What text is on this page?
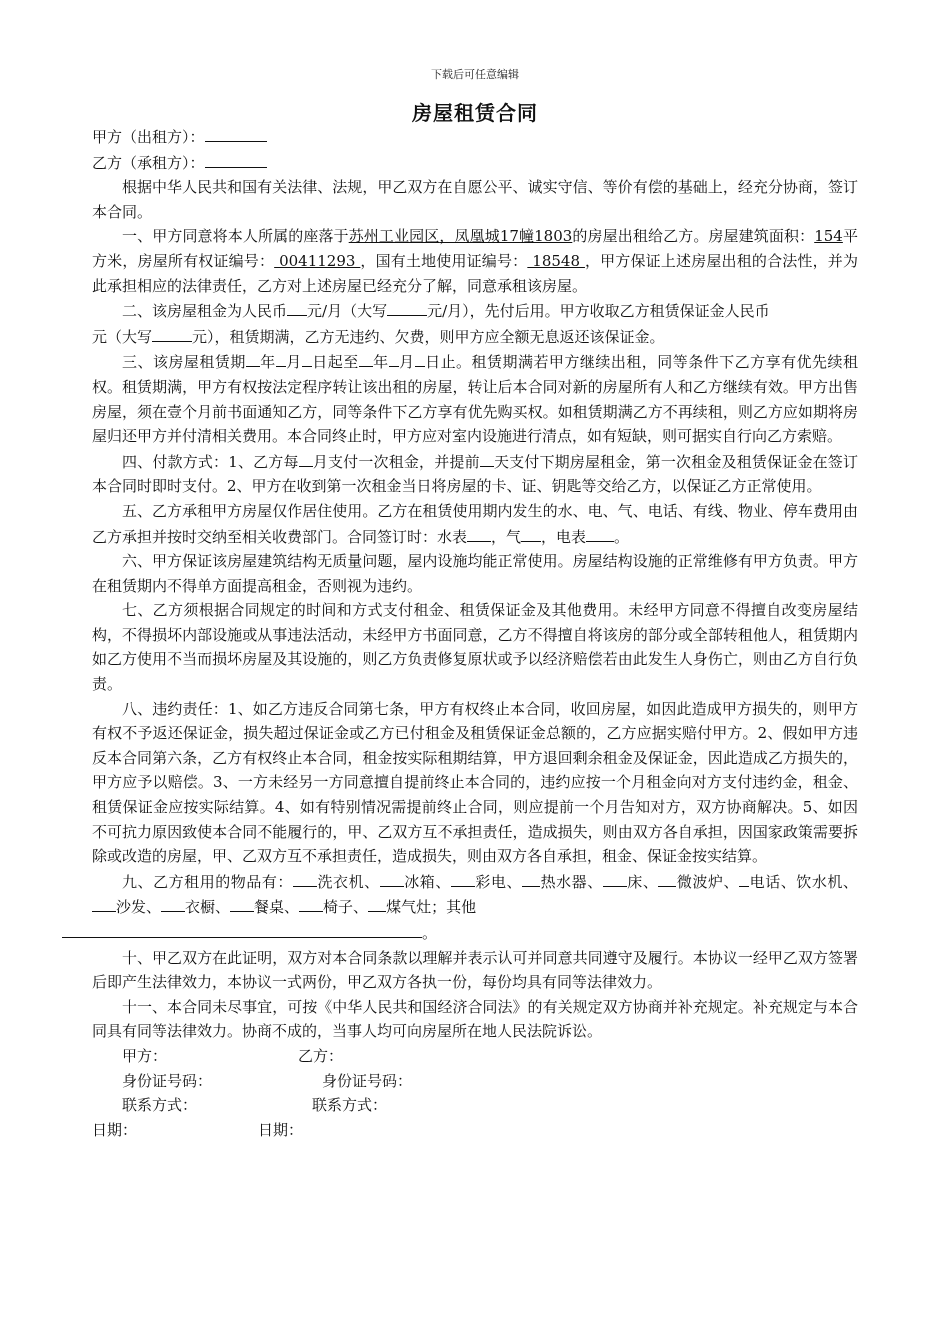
下载后可任意编辑
房屋租赁合同

甲方（出租方）：

乙方（承租方）：

根据中华人民共和国有关法律、法规，甲乙双方在自愿公平、诚实守信、等价有偿的基础上，经充分协商，签订本合同。

一、甲方同意将本人所属的座落于苏州工业园区，凤凰城17幢1803的房屋出租给乙方。房屋建筑面积：154平方米，房屋所有权证编号： 00411293 ，国有土地使用证编号： 18548 ，甲方保证上述房屋出租的合法性，并为此承担相应的法律责任，乙方对上述房屋已经充分了解，同意承租该房屋。

二、该房屋租金为人民币 元/月（大写	元/月），先付后用。甲方收取乙方租赁保证金人民币
元（大写	元），租赁期满，乙方无违约、欠费，则甲方应全额无息返还该保证金。

三、该房屋租赁期 年 月 日起至 年 月 日止。租赁期满若甲方继续出租，同等条件下乙方享有优先续租权。租赁期满，甲方有权按法定程序转让该出租的房屋，转让后本合同对新的房屋所有人和乙方继续有效。甲方出售房屋，须在壹个月前书面通知乙方，同等条件下乙方享有优先购买权。如租赁期满乙方不再续租，则乙方应如期将房屋归还甲方并付清相关费用。本合同终止时，甲方应对室内设施进行清点，如有短缺，则可据实自行向乙方索赔。

四、付款方式：1、乙方每 月支付一次租金，并提前 天支付下期房屋租金，第一次租金及租赁保证金在签订本合同时即时支付。2、甲方在收到第一次租金当日将房屋的卡、证、钥匙等交给乙方，以保证乙方正常使用。

五、乙方承租甲方房屋仅作居住使用。乙方在租赁使用期内发生的水、电、气、电话、有线、物业、停车费用由乙方承担并按时交纳至相关收费部门。合同签订时：水表 ，气 ，电表 。

六、甲方保证该房屋建筑结构无质量问题，屋内设施均能正常使用。房屋结构设施的正常维修有甲方负责。甲方在租赁期内不得单方面提高租金，否则视为违约。

七、乙方须根据合同规定的时间和方式支付租金、租赁保证金及其他费用。未经甲方同意不得擅自改变房屋结构，不得损坏内部设施或从事违法活动，未经甲方书面同意，乙方不得擅自将该房的部分或全部转租他人，租赁期内如乙方使用不当而损坏房屋及其设施的，则乙方负责修复原状或予以经济赔偿若由此发生人身伤亡，则由乙方自行负责。

八、违约责任：1、如乙方违反合同第七条，甲方有权终止本合同，收回房屋，如因此造成甲方损失的，则甲方有权不予返还保证金，损失超过保证金或乙方已付租金及租赁保证金总额的，乙方应据实赔付甲方。2、假如甲方违反本合同第六条，乙方有权终止本合同，租金按实际租期结算，甲方退回剩余租金及保证金，因此造成乙方损失的，甲方应予以赔偿。3、一方未经另一方同意擅自提前终止本合同的，违约应按一个月租金向对方支付违约金，租金、租赁保证金应按实际结算。4、如有特别情况需提前终止合同，则应提前一个月告知对方，双方协商解决。5、如因不可抗力原因致使本合同不能履行的，甲、乙双方互不承担责任，造成损失，则由双方各自承担，因国家政策需要拆除或改造的房屋，甲、乙双方互不承担责任，造成损失，则由双方各自承担，租金、保证金按实结算。

九、乙方租用的物品有： 洗衣机、 冰箱、 彩电、 热水器、 床、 微波炉、 电话、饮水机、沙发、 衣橱、 餐桌、 椅子、 煤气灶；其他
。

十、甲乙双方在此证明，双方对本合同条款以理解并表示认可并同意共同遵守及履行。本协议一经甲乙双方签署后即产生法律效力，本协议一式两份，甲乙双方各执一份，每份均具有同等法律效力。

十一、本合同未尽事宜，可按《中华人民共和国经济合同法》的有关规定双方协商并补充规定。补充规定与本合同具有同等法律效力。协商不成的，当事人均可向房屋所在地人民法院诉讼。

甲方：	乙方：

身份证号码：	身份证号码：

联系方式：	联系方式：

日期：	日期：
